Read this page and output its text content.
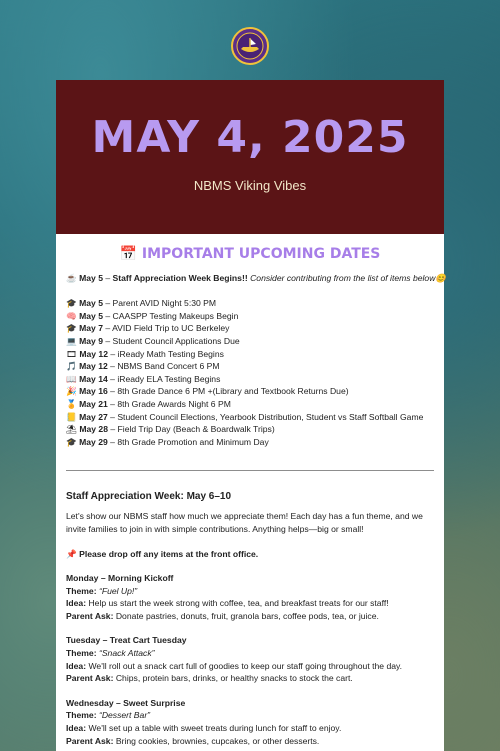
MAY 4, 2025
NBMS Viking Vibes
📅 IMPORTANT UPCOMING DATES
☕ May 5 – Staff Appreciation Week Begins!! Consider contributing from the list of items below😊
🎓 May 5 – Parent AVID Night 5:30 PM
🧠 May 5 – CAASPP Testing Makeups Begin
🎓 May 7 – AVID Field Trip to UC Berkeley
💻 May 9 – Student Council Applications Due
🎞 May 12 – iReady Math Testing Begins
🎵 May 12 – NBMS Band Concert 6 PM
📖 May 14 – iReady ELA Testing Begins
🎉 May 16 – 8th Grade Dance 6 PM +(Library and Textbook Returns Due)
🏅 May 21 – 8th Grade Awards Night 6 PM
📒 May 27 – Student Council Elections, Yearbook Distribution, Student vs Staff Softball Game
⛱ May 28 – Field Trip Day (Beach & Boardwalk Trips)
🎓 May 29 – 8th Grade Promotion and Minimum Day
Staff Appreciation Week: May 6–10
Let's show our NBMS staff how much we appreciate them! Each day has a fun theme, and we invite families to join in with simple contributions. Anything helps—big or small!
📌 Please drop off any items at the front office.
Monday – Morning Kickoff
Theme: “Fuel Up!”
Idea: Help us start the week strong with coffee, tea, and breakfast treats for our staff!
Parent Ask: Donate pastries, donuts, fruit, granola bars, coffee pods, tea, or juice.
Tuesday – Treat Cart Tuesday
Theme: “Snack Attack”
Idea: We'll roll out a snack cart full of goodies to keep our staff going throughout the day.
Parent Ask: Chips, protein bars, drinks, or healthy snacks to stock the cart.
Wednesday – Sweet Surprise
Theme: “Dessert Bar”
Idea: We'll set up a table with sweet treats during lunch for staff to enjoy.
Parent Ask: Bring cookies, brownies, cupcakes, or other desserts.
